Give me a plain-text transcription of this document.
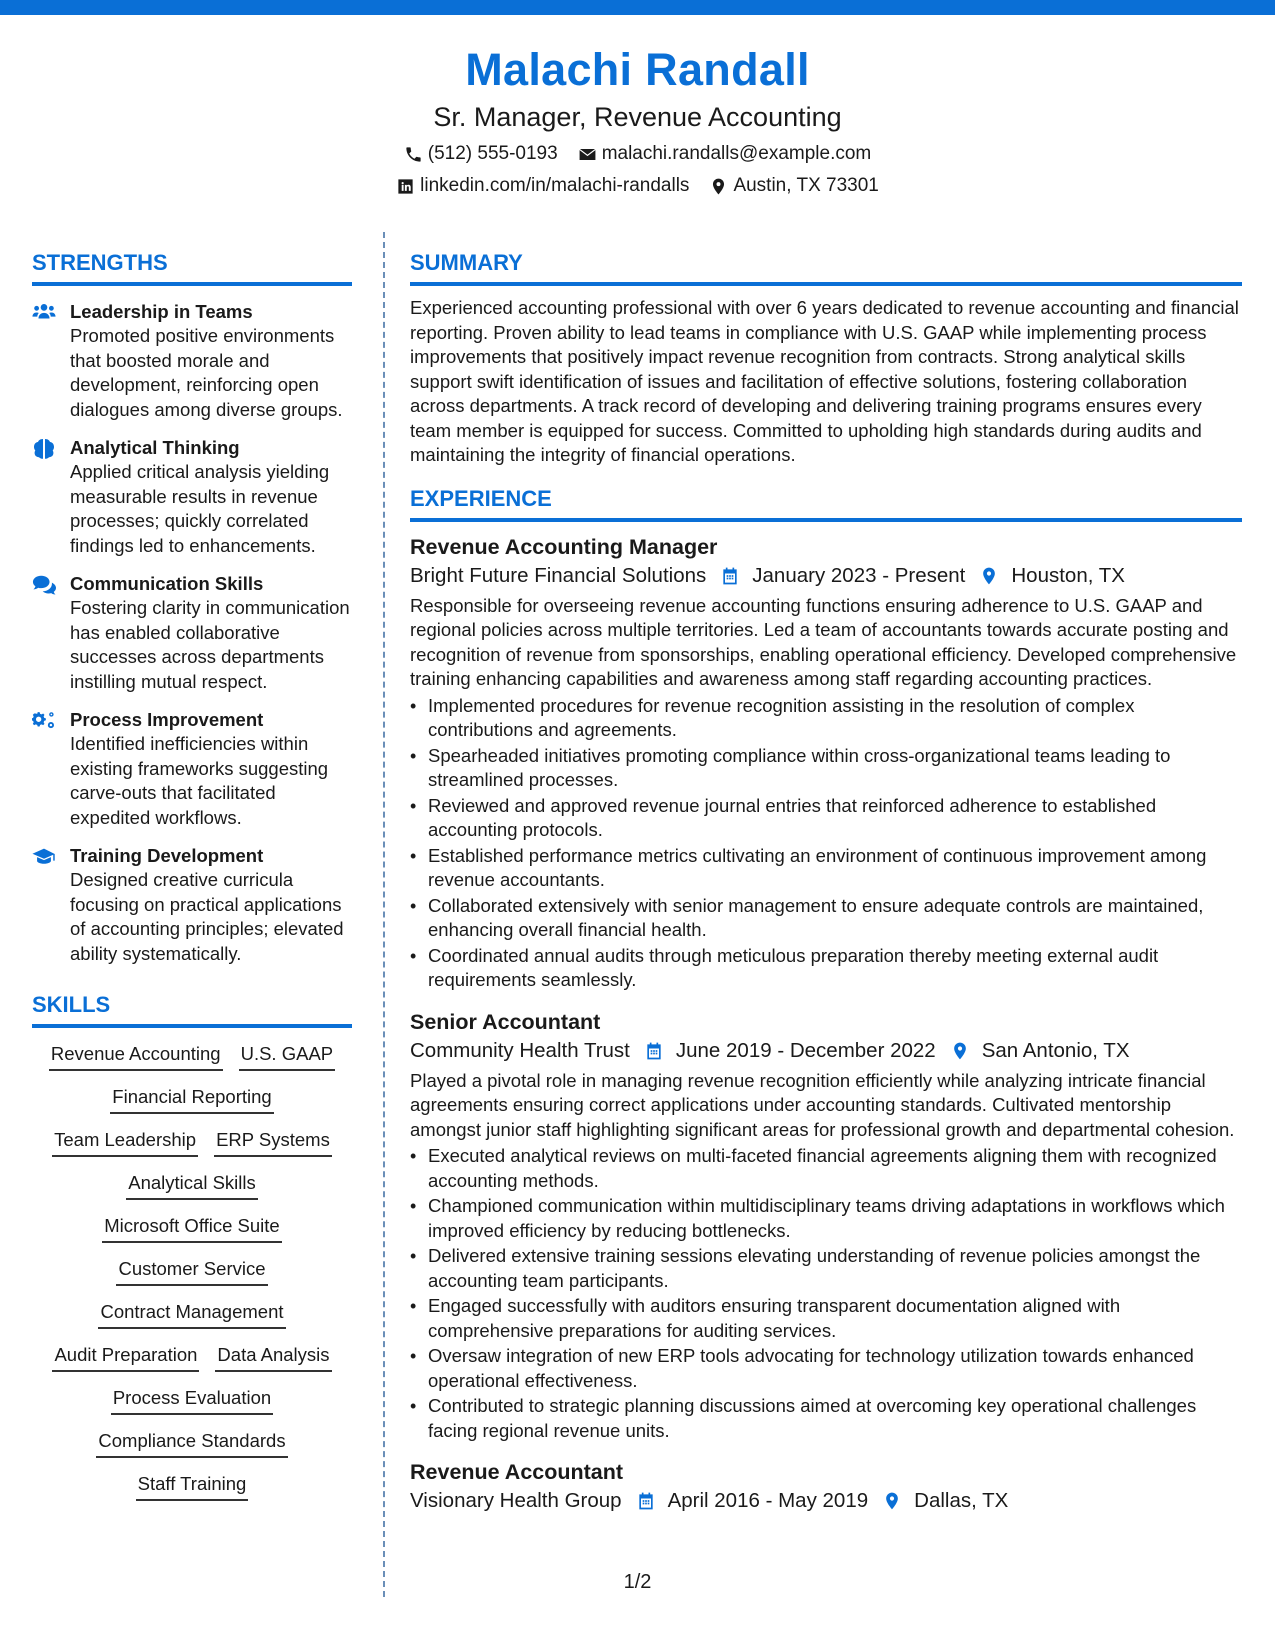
Malachi Randall
Sr. Manager, Revenue Accounting
(512) 555-0193 malachi.randalls@example.com
linkedin.com/in/malachi-randalls Austin, TX 73301
STRENGTHS
Leadership in Teams
Promoted positive environments that boosted morale and development, reinforcing open dialogues among diverse groups.
Analytical Thinking
Applied critical analysis yielding measurable results in revenue processes; quickly correlated findings led to enhancements.
Communication Skills
Fostering clarity in communication has enabled collaborative successes across departments instilling mutual respect.
Process Improvement
Identified inefficiencies within existing frameworks suggesting carve-outs that facilitated expedited workflows.
Training Development
Designed creative curricula focusing on practical applications of accounting principles; elevated ability systematically.
SKILLS
Revenue Accounting U.S. GAAP
Financial Reporting
Team Leadership ERP Systems
Analytical Skills
Microsoft Office Suite
Customer Service
Contract Management
Audit Preparation Data Analysis
Process Evaluation
Compliance Standards
Staff Training
SUMMARY
Experienced accounting professional with over 6 years dedicated to revenue accounting and financial reporting. Proven ability to lead teams in compliance with U.S. GAAP while implementing process improvements that positively impact revenue recognition from contracts. Strong analytical skills support swift identification of issues and facilitation of effective solutions, fostering collaboration across departments. A track record of developing and delivering training programs ensures every team member is equipped for success. Committed to upholding high standards during audits and maintaining the integrity of financial operations.
EXPERIENCE
Revenue Accounting Manager
Bright Future Financial Solutions January 2023 - Present Houston, TX
Responsible for overseeing revenue accounting functions ensuring adherence to U.S. GAAP and regional policies across multiple territories. Led a team of accountants towards accurate posting and recognition of revenue from sponsorships, enabling operational efficiency. Developed comprehensive training enhancing capabilities and awareness among staff regarding accounting practices.
• Implemented procedures for revenue recognition assisting in the resolution of complex contributions and agreements.
• Spearheaded initiatives promoting compliance within cross-organizational teams leading to streamlined processes.
• Reviewed and approved revenue journal entries that reinforced adherence to established accounting protocols.
• Established performance metrics cultivating an environment of continuous improvement among revenue accountants.
• Collaborated extensively with senior management to ensure adequate controls are maintained, enhancing overall financial health.
• Coordinated annual audits through meticulous preparation thereby meeting external audit requirements seamlessly.
Senior Accountant
Community Health Trust June 2019 - December 2022 San Antonio, TX
Played a pivotal role in managing revenue recognition efficiently while analyzing intricate financial agreements ensuring correct applications under accounting standards. Cultivated mentorship amongst junior staff highlighting significant areas for professional growth and departmental cohesion.
• Executed analytical reviews on multi-faceted financial agreements aligning them with recognized accounting methods.
• Championed communication within multidisciplinary teams driving adaptations in workflows which improved efficiency by reducing bottlenecks.
• Delivered extensive training sessions elevating understanding of revenue policies amongst the accounting team participants.
• Engaged successfully with auditors ensuring transparent documentation aligned with comprehensive preparations for auditing services.
• Oversaw integration of new ERP tools advocating for technology utilization towards enhanced operational effectiveness.
• Contributed to strategic planning discussions aimed at overcoming key operational challenges facing regional revenue units.
Revenue Accountant
Visionary Health Group April 2016 - May 2019 Dallas, TX
1/2
